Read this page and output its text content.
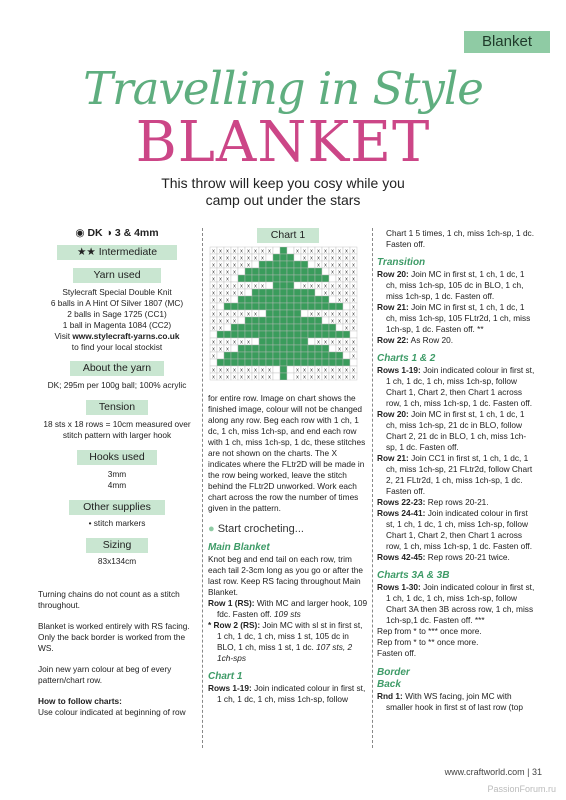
Blanket
Travelling in Style
BLANKET
This throw will keep you cosy while you camp out under the stars
◉ DK ◑ 3 & 4mm
★★ Intermediate
Yarn used
Stylecraft Special Double Knit
6 balls in A Hint Of Silver 1807 (MC)
2 balls in Sage 1725 (CC1)
1 ball in Magenta 1084 (CC2)
Visit www.stylecraft-yarns.co.uk
to find your local stockist
About the yarn
DK; 295m per 100g ball; 100% acrylic
Tension
18 sts x 18 rows = 10cm measured over stitch pattern with larger hook
Hooks used
3mm
4mm
Other supplies
• stitch markers
Sizing
83x134cm

Turning chains do not count as a stitch throughout.

Blanket is worked entirely with RS facing. Only the back border is worked from the WS.

Join new yarn colour at beg of every pattern/chart row.

How to follow charts:
Use colour indicated at beginning of row
Chart 1
x x x x x x x x x	x x x x x x x x x
x x x x x x x x	x x x x x x x x
x x x x x x	x x x x x x
x x x x	x x x x
x x x	x x x
x x x x x x x x	x x x x x x x x
x x x x x	x x x x x
x x x	x x x
x	x
x x x x x x x	x x x x x x x
x x x x	x x x x
x x	x x
x x x x x x	x x x x x x
x x x	x x x
x	x
x x x x x x x x x	x x x x x x x x x
x x x x x x x x x	x x x x x x x x x
for entire row. Image on chart shows the finished image, colour will not be changed along any row. Beg each row with 1 ch, 1 dc, 1 ch, miss 1ch-sp, and end each row with 1 ch, miss 1ch-sp, 1 dc, these stitches are not shown on the charts. The X indicates where the FLtr2D will be made in the row being worked, leave the stitch behind the FLtr2D unworked. Work each chart across the row the number of times given in the pattern.
● Start crocheting...
Main Blanket
Knot beg and end tail on each row, trim each tail 2-3cm long as you go or after the last row. Keep RS facing throughout Main Blanket.
Row 1 (RS): With MC and larger hook, 109 fdc. Fasten off. 109 sts
* Row 2 (RS): Join MC with sl st in first st, 1 ch, 1 dc, 1 ch, miss 1 st, 105 dc in BLO, 1 ch, miss 1 st, 1 dc. 107 sts, 2 1ch-sps
Chart 1
Rows 1-19: Join indicated colour in first st, 1 ch, 1 dc, 1 ch, miss 1ch-sp, follow
Chart 1 5 times, 1 ch, miss 1ch-sp, 1 dc. Fasten off.
Transition
Row 20: Join MC in first st, 1 ch, 1 dc, 1 ch, miss 1ch-sp, 105 dc in BLO, 1 ch, miss 1ch-sp, 1 dc. Fasten off.
Row 21: Join MC in first st, 1 ch, 1 dc, 1 ch, miss 1ch-sp, 105 FLtr2d, 1 ch, miss 1ch-sp, 1 dc. Fasten off. **
Row 22: As Row 20.
Charts 1 & 2
Rows 1-19: Join indicated colour in first st, 1 ch, 1 dc, 1 ch, miss 1ch-sp, follow Chart 1, Chart 2, then Chart 1 across row, 1 ch, miss 1ch-sp, 1 dc. Fasten off.
Row 20: Join MC in first st, 1 ch, 1 dc, 1 ch, miss 1ch-sp, 21 dc in BLO, follow Chart 2, 21 dc in BLO, 1 ch, miss 1ch-sp, 1 dc. Fasten off.
Row 21: Join CC1 in first st, 1 ch, 1 dc, 1 ch, miss 1ch-sp, 21 FLtr2d, follow Chart 2, 21 FLtr2d, 1 ch, miss 1ch-sp, 1 dc. Fasten off.
Rows 22-23: Rep rows 20-21.
Rows 24-41: Join indicated colour in first st, 1 ch, 1 dc, 1 ch, miss 1ch-sp, follow Chart 1, Chart 2, then Chart 1 across row, 1 ch, miss 1ch-sp, 1 dc. Fasten off.
Rows 42-45: Rep rows 20-21 twice.
Charts 3A & 3B
Rows 1-30: Join indicated colour in first st, 1 ch, 1 dc, 1 ch, miss 1ch-sp, follow Chart 3A then 3B across row, 1 ch, miss 1ch-sp,1 dc. Fasten off. ***
Rep from * to *** once more.
Rep from * to ** once more.
Fasten off.
Border
Back
Rnd 1: With WS facing, join MC with smaller hook in first st of last row (top
www.craftworld.com | 31
PassionForum.ru
